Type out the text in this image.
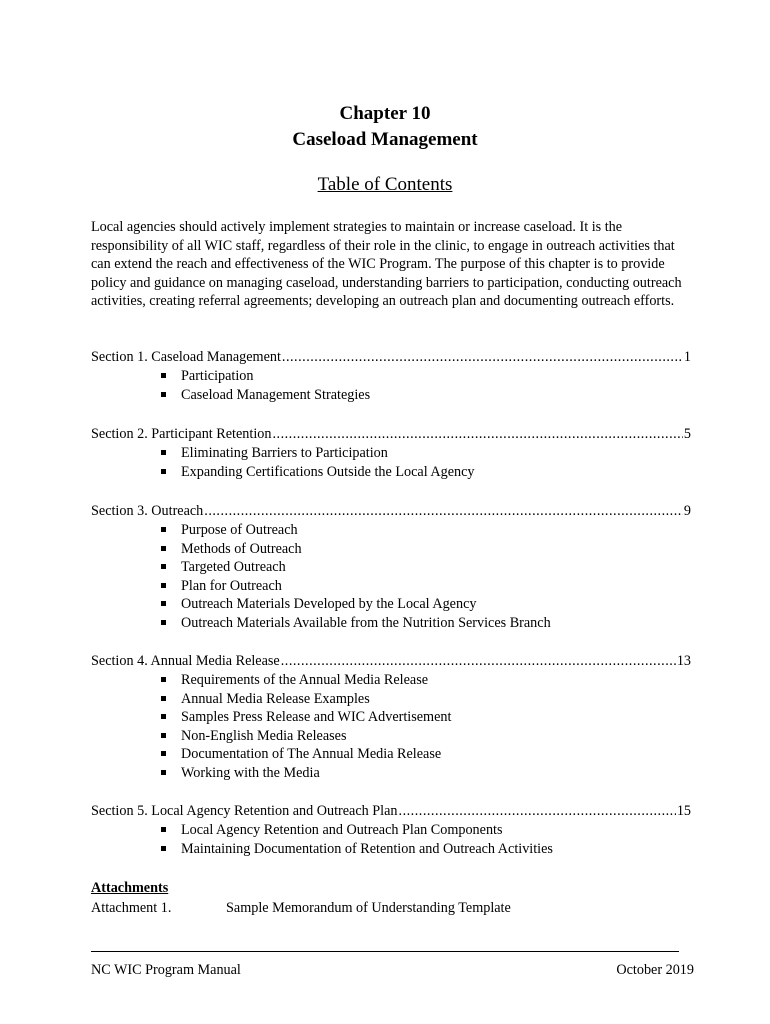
Chapter 10
Caseload Management
Table of Contents
Local agencies should actively implement strategies to maintain or increase caseload. It is the responsibility of all WIC staff, regardless of their role in the clinic, to engage in outreach activities that can extend the reach and effectiveness of the WIC Program. The purpose of this chapter is to provide policy and guidance on managing caseload, understanding barriers to participation, conducting outreach activities, creating referral agreements; developing an outreach plan and documenting outreach efforts.
Section 1. Caseload Management .....	1
Participation
Caseload Management Strategies
Section 2. Participant Retention .....	5
Eliminating Barriers to Participation
Expanding Certifications Outside the Local Agency
Section 3. Outreach .....	9
Purpose of Outreach
Methods of Outreach
Targeted Outreach
Plan for Outreach
Outreach Materials Developed by the Local Agency
Outreach Materials Available from the Nutrition Services Branch
Section 4. Annual Media Release .....	13
Requirements of the Annual Media Release
Annual Media Release Examples
Samples Press Release and WIC Advertisement
Non-English Media Releases
Documentation of The Annual Media Release
Working with the Media
Section 5. Local Agency Retention and Outreach Plan .....	15
Local Agency Retention and Outreach Plan Components
Maintaining Documentation of Retention and Outreach Activities
Attachments
Attachment 1.	Sample Memorandum of Understanding Template
NC WIC Program Manual	October 2019
